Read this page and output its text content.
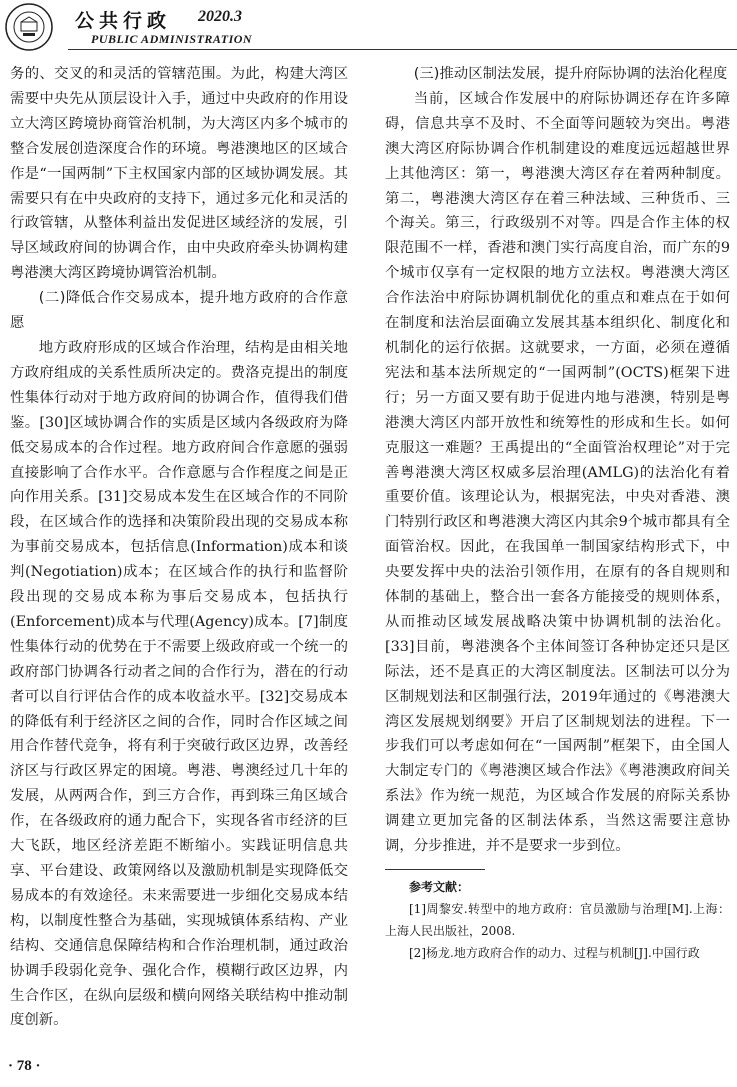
公共行政 2020.3
PUBLIC ADMINISTRATION

务的、交叉的和灵活的管辖范围。为此，构建大湾区需要中央先从顶层设计入手，通过中央政府的作用设立大湾区跨境协商管治机制，为大湾区内多个城市的整合发展创造深度合作的环境。粤港澳地区的区域合作是“一国两制”下主权国家内部的区域协调发展。其需要只有在中央政府的支持下，通过多元化和灵活的行政管辖，从整体利益出发促进区域经济的发展，引导区域政府间的协调合作，由中央政府牵头协调构建粤港澳大湾区跨境协调管治机制。

(二)降低合作交易成本，提升地方政府的合作意愿

地方政府形成的区域合作治理，结构是由相关地方政府组成的关系性质所决定的。费洛克提出的制度性集体行动对于地方政府间的协调合作，值得我们借鉴。[30]区域协调合作的实质是区域内各级政府为降低交易成本的合作过程。地方政府间合作意愿的强弱直接影响了合作水平。合作意愿与合作程度之间是正向作用关系。[31]交易成本发生在区域合作的不同阶段，在区域合作的选择和决策阶段出现的交易成本称为事前交易成本，包括信息(Information)成本和谈判(Negotiation)成本；在区域合作的执行和监督阶段出现的交易成本称为事后交易成本，包括执行(Enforcement)成本与代理(Agency)成本。[7]制度性集体行动的优势在于不需要上级政府或一个统一的政府部门协调各行动者之间的合作行为，潜在的行动者可以自行评估合作的成本收益水平。[32]交易成本的降低有利于经济区之间的合作，同时合作区域之间用合作替代竞争，将有利于突破行政区边界，改善经济区与行政区界定的困境。粤港、粤澳经过几十年的发展，从两两合作，到三方合作，再到珠三角区域合作，在各级政府的通力配合下，实现各省市经济的巨大飞跃，地区经济差距不断缩小。实践证明信息共享、平台建设、政策网络以及激励机制是实现降低交易成本的有效途径。未来需要进一步细化交易成本结构，以制度性整合为基础，实现城镇体系结构、产业结构、交通信息保障结构和合作治理机制，通过政治协调手段弱化竞争、强化合作，模糊行政区边界，内生合作区，在纵向层级和横向网络关联结构中推动制度创新。

(三)推动区制法发展，提升府际协调的法治化程度

当前，区域合作发展中的府际协调还存在许多障碍，信息共享不及时、不全面等问题较为突出。粤港澳大湾区府际协调合作机制建设的难度远远超越世界上其他湾区：第一，粤港澳大湾区存在着两种制度。第二，粤港澳大湾区存在着三种法域、三种货币、三个海关。第三，行政级别不对等。四是合作主体的权限范围不一样，香港和澳门实行高度自治，而广东的9个城市仅享有一定权限的地方立法权。粤港澳大湾区合作法治中府际协调机制优化的重点和难点在于如何在制度和法治层面确立发展其基本组织化、制度化和机制化的运行依据。这就要求，一方面，必须在遵循宪法和基本法所规定的“一国两制”(OCTS)框架下进行；另一方面又要有助于促进内地与港澳，特别是粤港澳大湾区内部开放性和统筹性的形成和生长。如何克服这一难题？王禹提出的“全面管治权理论”对于完善粤港澳大湾区权威多层治理(AMLG)的法治化有着重要价值。该理论认为，根据宪法，中央对香港、澳门特别行政区和粤港澳大湾区内其余9个城市都具有全面管治权。因此，在我国单一制国家结构形式下，中央要发挥中央的法治引领作用，在原有的各自规则和体制的基础上，整合出一套各方能接受的规则体系，从而推动区域发展战略决策中协调机制的法治化。[33]目前，粤港澳各个主体间签订各种协定还只是区际法，还不是真正的大湾区制度法。区制法可以分为区制规划法和区制强行法，2019年通过的《粤港澳大湾区发展规划纲要》开启了区制规划法的进程。下一步我们可以考虑如何在“一国两制”框架下，由全国人大制定专门的《粤港澳区域合作法》《粤港澳政府间关系法》作为统一规范，为区域合作发展的府际关系协调建立更加完备的区制法体系，当然这需要注意协调，分步推进，并不是要求一步到位。

参考文献：

[1]周黎安.转型中的地方政府：官员激励与治理[M].上海：上海人民出版社，2008.

[2]杨龙.地方政府合作的动力、过程与机制[J].中国行政

· 78 ·
